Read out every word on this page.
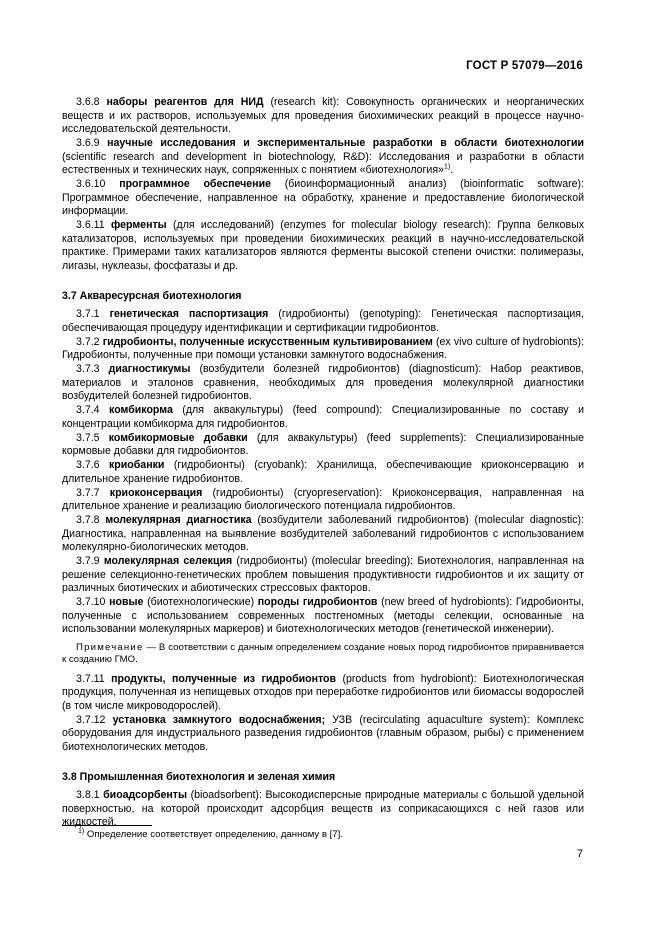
ГОСТ Р 57079—2016
3.6.8 наборы реагентов для НИД (research kit): Совокупность органических и неорганических веществ и их растворов, используемых для проведения биохимических реакций в процессе научно-исследовательской деятельности.
3.6.9 научные исследования и экспериментальные разработки в области биотехнологии (scientific research and development in biotechnology, R&D): Исследования и разработки в области естественных и технических наук, сопряженных с понятием «биотехнология»$^{1)}$.
3.6.10 программное обеспечение (биоинформационный анализ) (bioinformatic software): Программное обеспечение, направленное на обработку, хранение и предоставление биологической информации.
3.6.11 ферменты (для исследований) (enzymes for molecular biology research): Группа белковых катализаторов, используемых при проведении биохимических реакций в научно-исследовательской практике. Примерами таких катализаторов являются ферменты высокой степени очистки: полимеразы, лигазы, нуклеазы, фосфатазы и др.
3.7 Акваресурсная биотехнология
3.7.1 генетическая паспортизация (гидробионты) (genotyping): Генетическая паспортизация, обеспечивающая процедуру идентификации и сертификации гидробионтов.
3.7.2 гидробионты, полученные искусственным культивированием (ex vivo culture of hydrobionts): Гидробионты, полученные при помощи установки замкнутого водоснабжения.
3.7.3 диагностикумы (возбудители болезней гидробионтов) (diagnosticum): Набор реактивов, материалов и эталонов сравнения, необходимых для проведения молекулярной диагностики возбудителей болезней гидробионтов.
3.7.4 комбикорма (для аквакультуры) (feed compound): Специализированные по составу и концентрации комбикорма для гидробионтов.
3.7.5 комбикормовые добавки (для аквакультуры) (feed supplements): Специализированные кормовые добавки для гидробионтов.
3.7.6 криобанки (гидробионты) (cryobank): Хранилища, обеспечивающие криоконсервацию и длительное хранение гидробионтов.
3.7.7 криоконсервация (гидробионты) (cryopreservation): Криоконсервация, направленная на длительное хранение и реализацию биологического потенциала гидробионтов.
3.7.8 молекулярная диагностика (возбудители заболеваний гидробионтов) (molecular diagnostic): Диагностика, направленная на выявление возбудителей заболеваний гидробионтов с использованием молекулярно-биологических методов.
3.7.9 молекулярная селекция (гидробионты) (molecular breeding): Биотехнология, направленная на решение селекционно-генетических проблем повышения продуктивности гидробионтов и их защиту от различных биотических и абиотических стрессовых факторов.
3.7.10 новые (биотехнологические) породы гидробионтов (new breed of hydrobionts): Гидробионты, полученные с использованием современных постгеномных (методы селекции, основанные на использовании молекулярных маркеров) и биотехнологических методов (генетической инженерии).
Примечание — В соответствии с данным определением создание новых пород гидробионтов приравнивается к созданию ГМО.
3.7.11 продукты, полученные из гидробионтов (products from hydrobiont): Биотехнологическая продукция, полученная из непищевых отходов при переработке гидробионтов или биомассы водорослей (в том числе микроводорослей).
3.7.12 установка замкнутого водоснабжения; УЗВ (recirculating aquaculture system): Комплекс оборудования для индустриального разведения гидробионтов (главным образом, рыбы) с применением биотехнологических методов.
3.8 Промышленная биотехнология и зеленая химия
3.8.1 биоадсорбенты (bioadsorbent): Высокодисперсные природные материалы с большой удельной поверхностью, на которой происходит адсорбция веществ из соприкасающихся с ней газов или жидкостей.
$^{1)}$ Определение соответствует определению, данному в [7].
7
